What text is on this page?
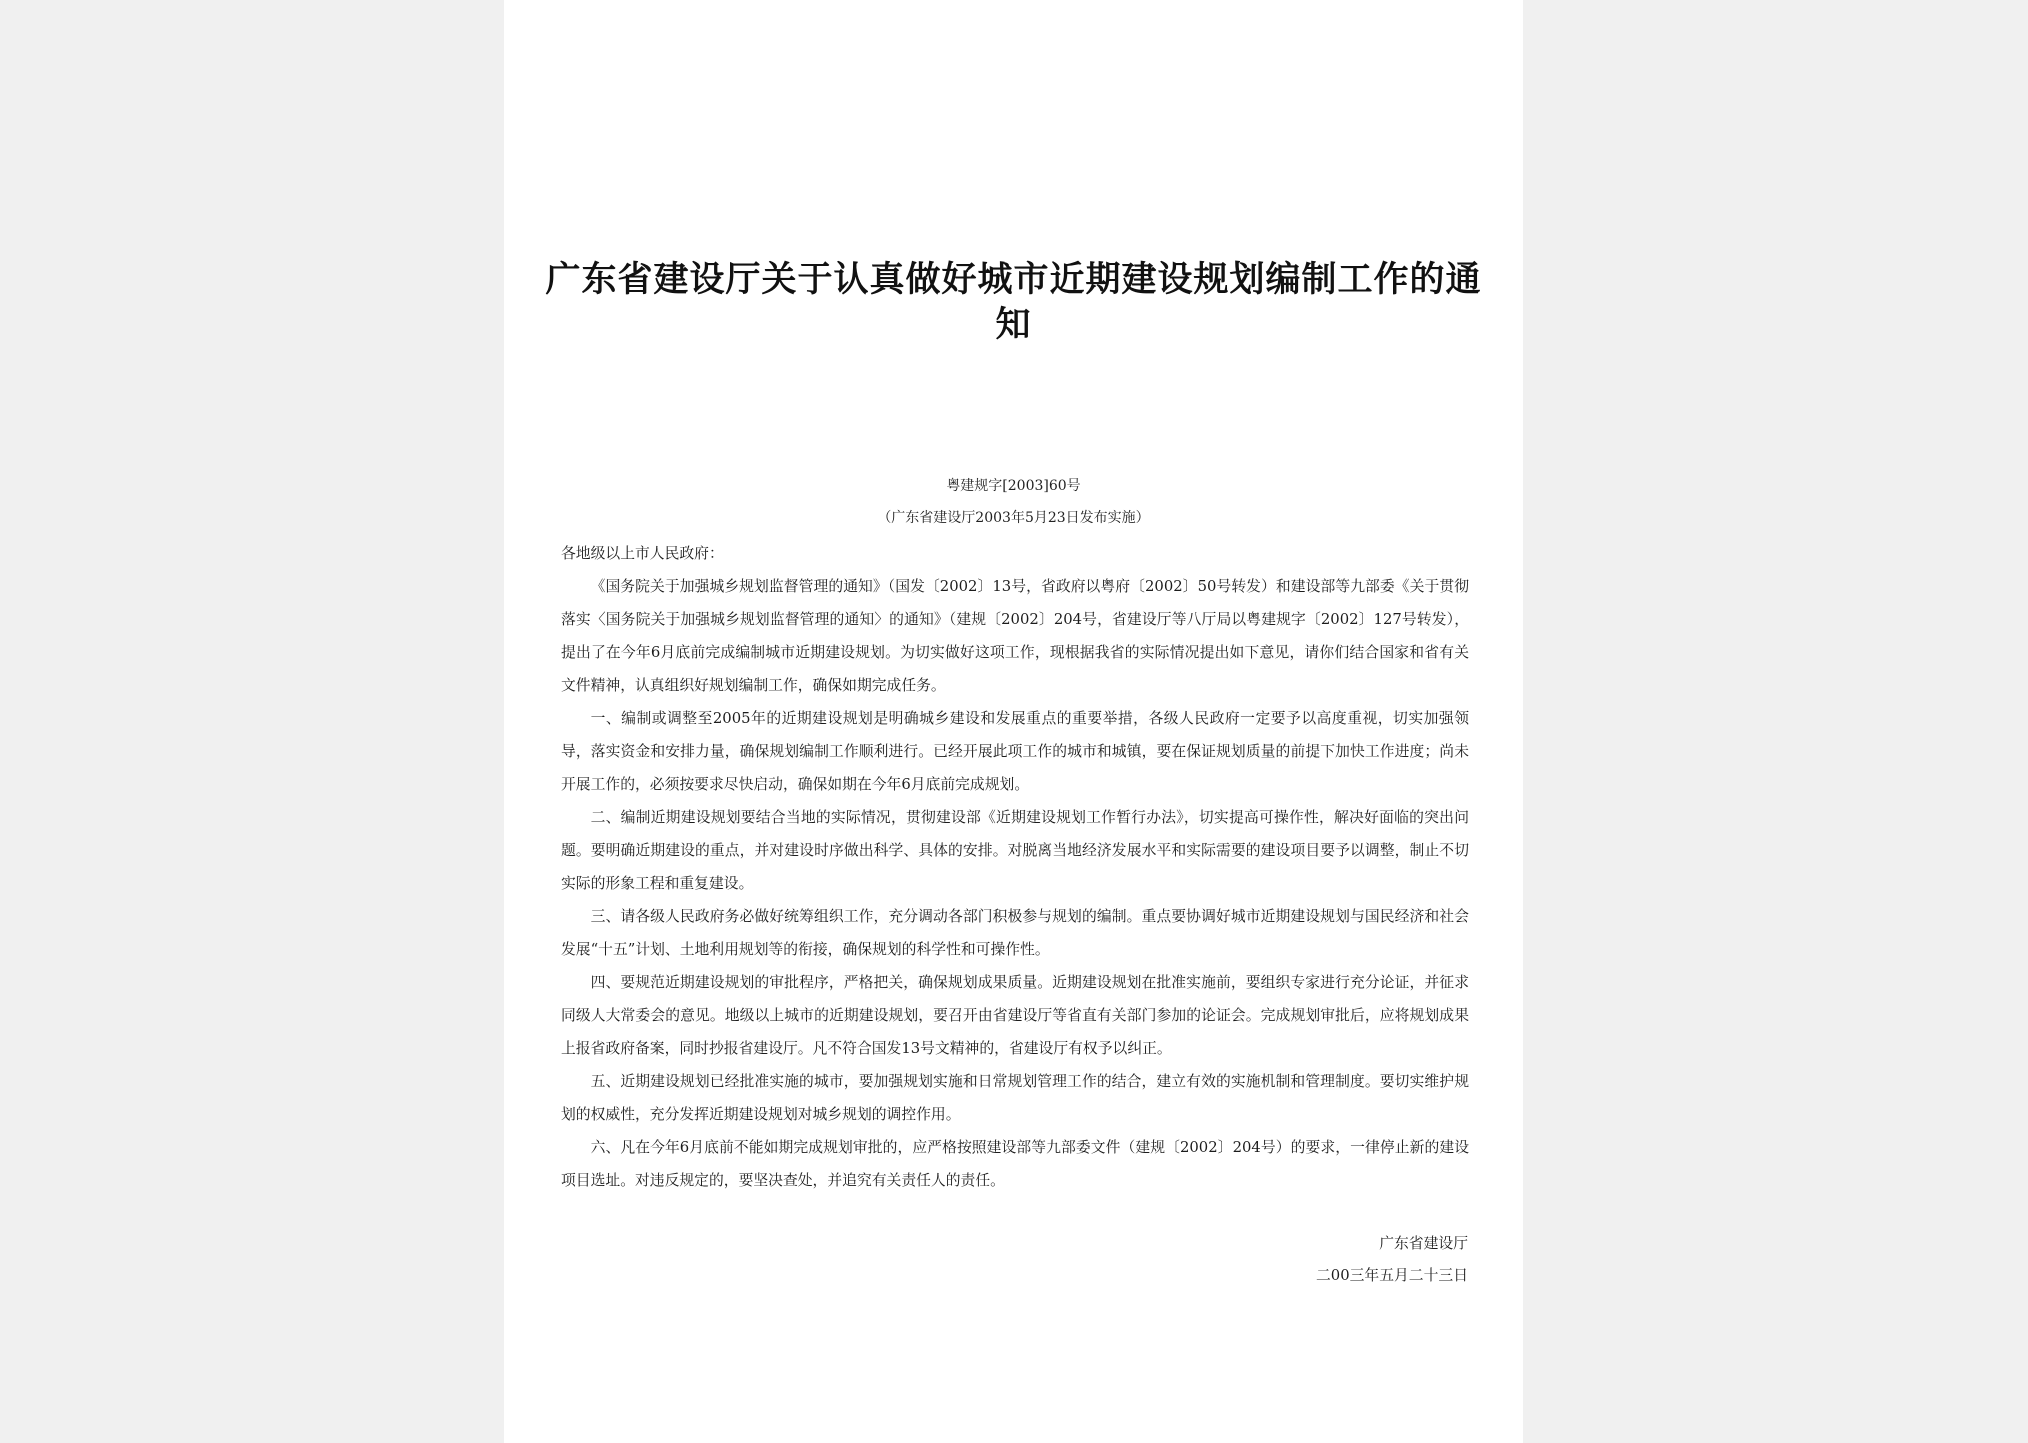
广东省建设厅关于认真做好城市近期建设规划编制工作的通知
粤建规字[2003]60号
（广东省建设厅2003年5月23日发布实施）

各地级以上市人民政府：

《国务院关于加强城乡规划监督管理的通知》（国发〔2002〕13号，省政府以粤府〔2002〕50号转发）和建设部等九部委《关于贯彻落实〈国务院关于加强城乡规划监督管理的通知〉的通知》（建规〔2002〕204号，省建设厅等八厅局以粤建规字〔2002〕127号转发），提出了在今年6月底前完成编制城市近期建设规划。为切实做好这项工作，现根据我省的实际情况提出如下意见，请你们结合国家和省有关文件精神，认真组织好规划编制工作，确保如期完成任务。

一、编制或调整至2005年的近期建设规划是明确城乡建设和发展重点的重要举措，各级人民政府一定要予以高度重视，切实加强领导，落实资金和安排力量，确保规划编制工作顺利进行。已经开展此项工作的城市和城镇，要在保证规划质量的前提下加快工作进度；尚未开展工作的，必须按要求尽快启动，确保如期在今年6月底前完成规划。

二、编制近期建设规划要结合当地的实际情况，贯彻建设部《近期建设规划工作暂行办法》，切实提高可操作性，解决好面临的突出问题。要明确近期建设的重点，并对建设时序做出科学、具体的安排。对脱离当地经济发展水平和实际需要的建设项目要予以调整，制止不切实际的形象工程和重复建设。

三、请各级人民政府务必做好统筹组织工作，充分调动各部门积极参与规划的编制。重点要协调好城市近期建设规划与国民经济和社会发展“十五”计划、土地利用规划等的衔接，确保规划的科学性和可操作性。

四、要规范近期建设规划的审批程序，严格把关，确保规划成果质量。近期建设规划在批准实施前，要组织专家进行充分论证，并征求同级人大常委会的意见。地级以上城市的近期建设规划，要召开由省建设厅等省直有关部门参加的论证会。完成规划审批后，应将规划成果上报省政府备案，同时抄报省建设厅。凡不符合国发13号文精神的，省建设厅有权予以纠正。

五、近期建设规划已经批准实施的城市，要加强规划实施和日常规划管理工作的结合，建立有效的实施机制和管理制度。要切实维护规划的权威性，充分发挥近期建设规划对城乡规划的调控作用。

六、凡在今年6月底前不能如期完成规划审批的，应严格按照建设部等九部委文件（建规〔2002〕204号）的要求，一律停止新的建设项目选址。对违反规定的，要坚决查处，并追究有关责任人的责任。

广东省建设厅
二00三年五月二十三日
